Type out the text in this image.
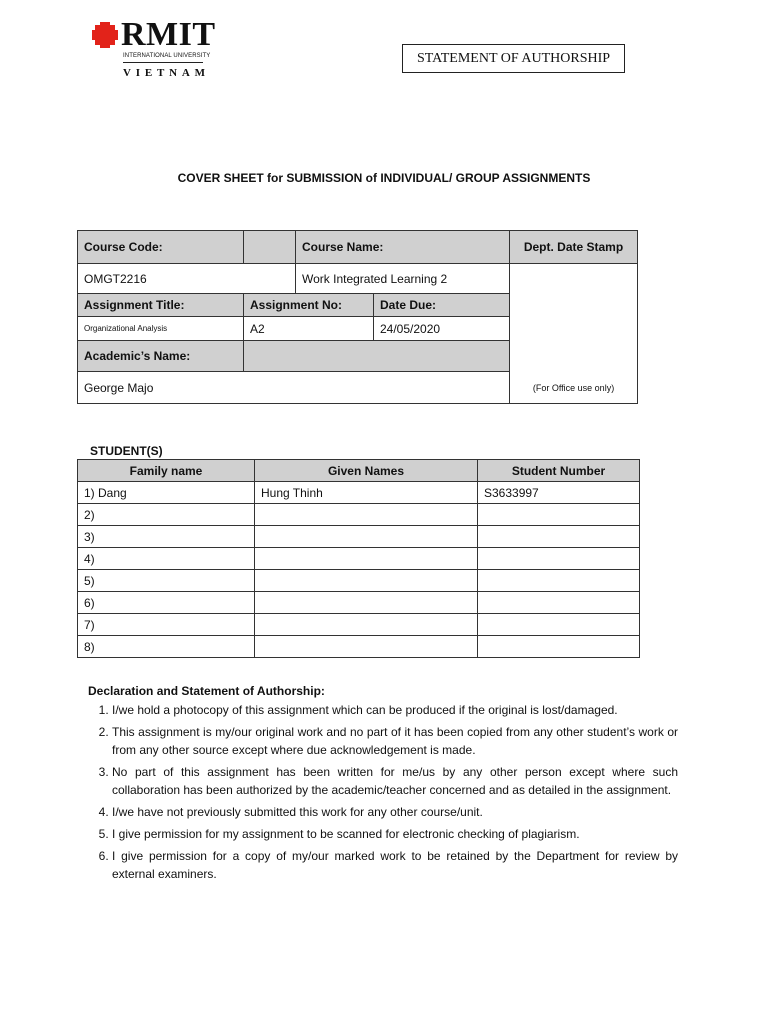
RMIT
INTERNATIONAL UNIVERSITY
VIETNAM
STATEMENT OF AUTHORSHIP
COVER SHEET for SUBMISSION of INDIVIDUAL/ GROUP ASSIGNMENTS
Course Code:		Course Name:		Dept. Date Stamp
OMGT2216		Work Integrated Learning 2		(For Office use only)
Assignment Title:	Assignment No:		Date Due:	
Organizational Analysis	A2		24/05/2020	
Academic’s Name:				
George Majo				
STUDENT(S)
Family name	Given Names	Student Number
1) Dang	Hung Thinh	S3633997
2)		
3)		
4)		
5)		
6)		
7)		
8)		
Declaration and Statement of Authorship:
1. I/we hold a photocopy of this assignment which can be produced if the original is lost/damaged.
2. This assignment is my/our original work and no part of it has been copied from any other student’s work or from any other source except where due acknowledgement is made.
3. No part of this assignment has been written for me/us by any other person except where such collaboration has been authorized by the academic/teacher concerned and as detailed in the assignment.
4. I/we have not previously submitted this work for any other course/unit.
5. I give permission for my assignment to be scanned for electronic checking of plagiarism.
6. I give permission for a copy of my/our marked work to be retained by the Department for review by external examiners.
